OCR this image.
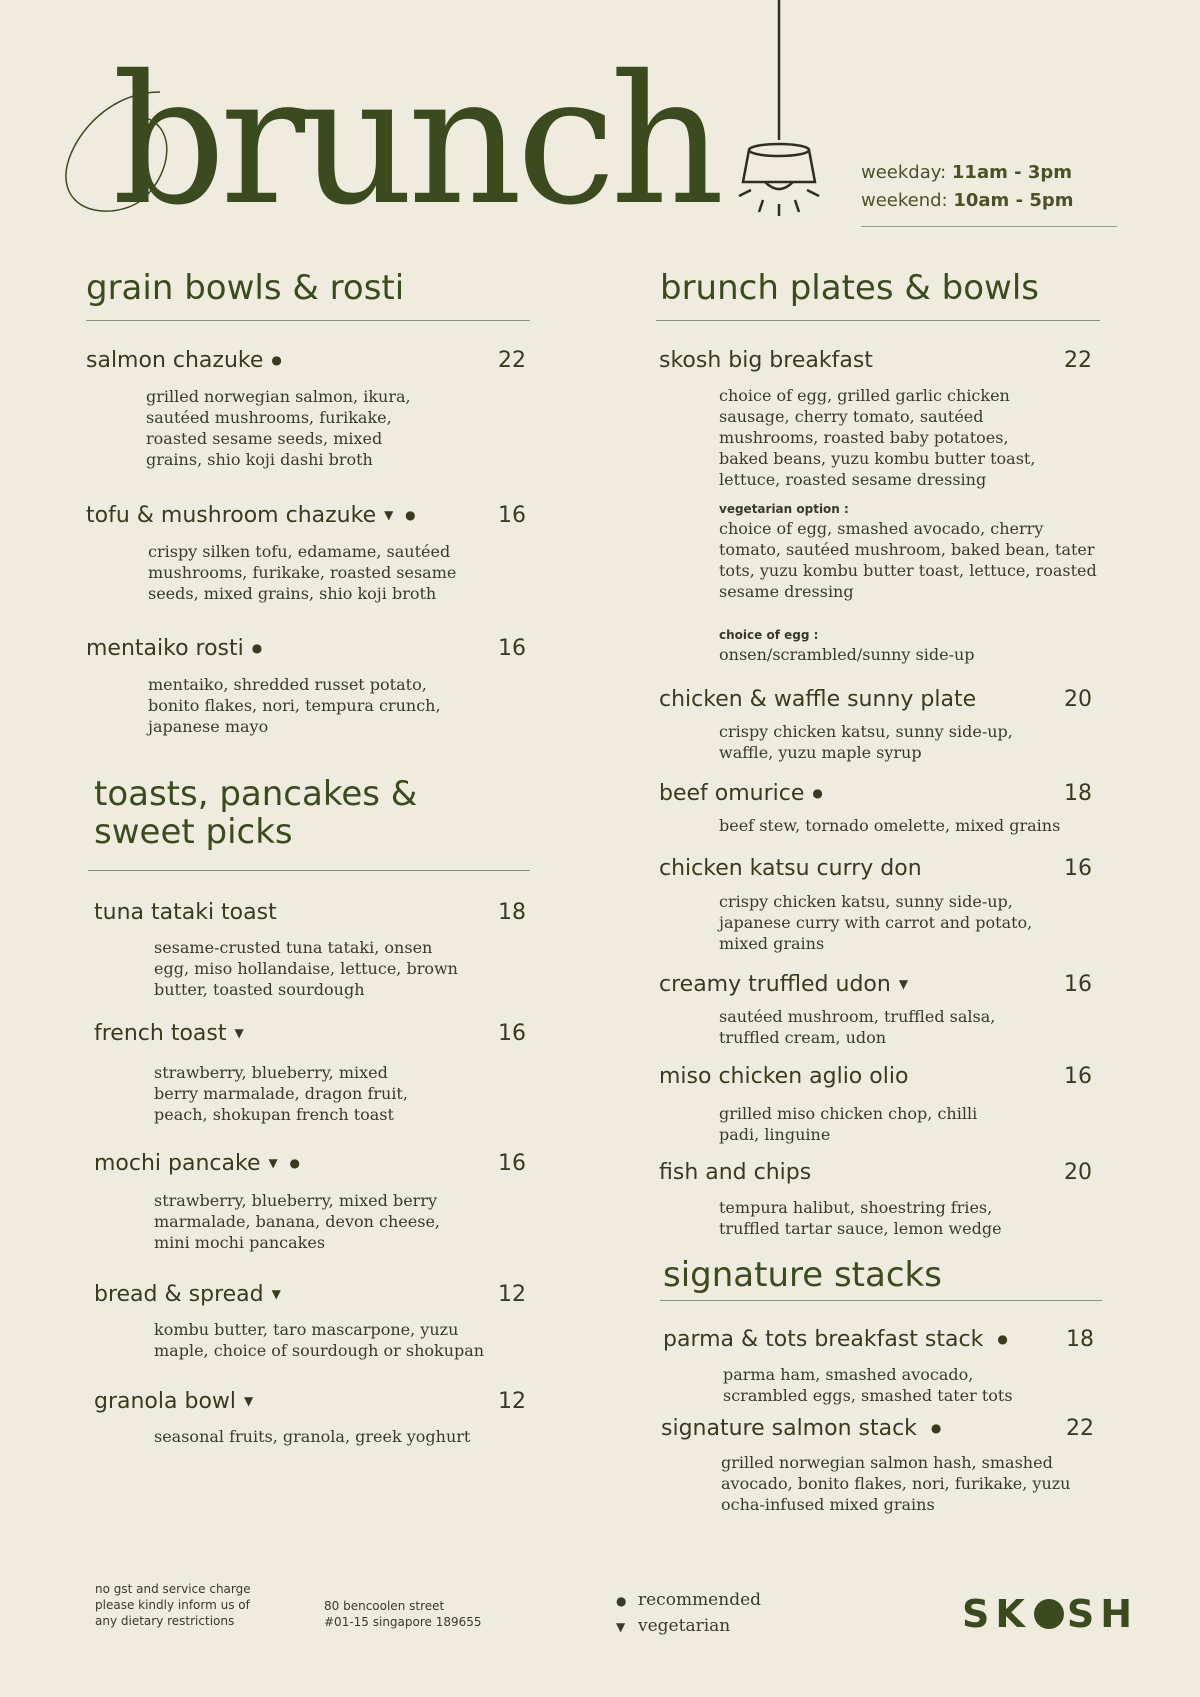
brunch	weekday: 11am - 3pm
weekend: 10am - 5pm
grain bowls & rosti
salmon chazuke ●	22
grilled norwegian salmon, ikura,
sautéed mushrooms, furikake,
roasted sesame seeds, mixed
grains, shio koji dashi broth
tofu & mushroom chazuke ▼ ●	16
crispy silken tofu, edamame, sautéed
mushrooms, furikake, roasted sesame
seeds, mixed grains, shio koji broth
mentaiko rosti ●	16
mentaiko, shredded russet potato,
bonito flakes, nori, tempura crunch,
japanese mayo
toasts, pancakes &
sweet picks
tuna tataki toast	18
sesame-crusted tuna tataki, onsen
egg, miso hollandaise, lettuce, brown
butter, toasted sourdough
french toast ▼	16
strawberry, blueberry, mixed
berry marmalade, dragon fruit,
peach, shokupan french toast
mochi pancake ▼ ●	16
strawberry, blueberry, mixed berry
marmalade, banana, devon cheese,
mini mochi pancakes
bread & spread ▼	12
kombu butter, taro mascarpone, yuzu
maple, choice of sourdough or shokupan
granola bowl ▼	12
seasonal fruits, granola, greek yoghurt
brunch plates & bowls
skosh big breakfast	22
choice of egg, grilled garlic chicken
sausage, cherry tomato, sautéed
mushrooms, roasted baby potatoes,
baked beans, yuzu kombu butter toast,
lettuce, roasted sesame dressing
vegetarian option :
choice of egg, smashed avocado, cherry
tomato, sautéed mushroom, baked bean, tater
tots, yuzu kombu butter toast, lettuce, roasted
sesame dressing
choice of egg :
onsen/scrambled/sunny side-up
chicken & waffle sunny plate	20
crispy chicken katsu, sunny side-up,
waffle, yuzu maple syrup
beef omurice ●	18
beef stew, tornado omelette, mixed grains
chicken katsu curry don	16
crispy chicken katsu, sunny side-up,
japanese curry with carrot and potato,
mixed grains
creamy truffled udon ▼	16
sautéed mushroom, truffled salsa,
truffled cream, udon
miso chicken aglio olio	16
grilled miso chicken chop, chilli
padi, linguine
fish and chips	20
tempura halibut, shoestring fries,
truffled tartar sauce, lemon wedge
signature stacks
parma & tots breakfast stack ●	18
parma ham, smashed avocado,
scrambled eggs, smashed tater tots
signature salmon stack ●	22
grilled norwegian salmon hash, smashed
avocado, bonito flakes, nori, furikake, yuzu
ocha-infused mixed grains
no gst and service charge
please kindly inform us of
any dietary restrictions
80 bencoolen street
#01-15 singapore 189655
● recommended
▼ vegetarian	SK SH
